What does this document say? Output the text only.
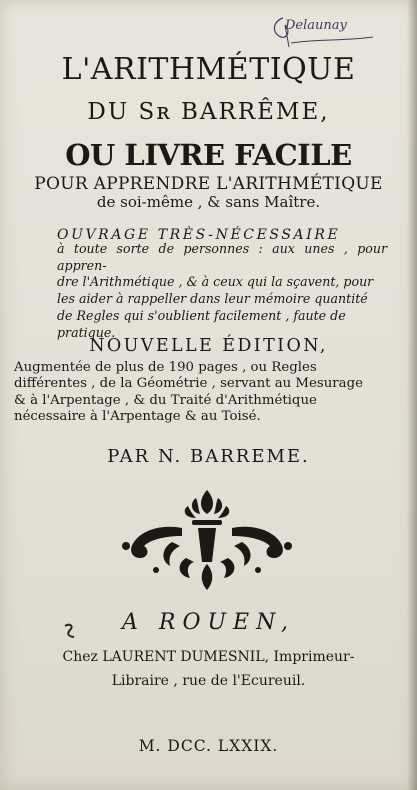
Delaunay
L'ARITHMÉTIQUE
DU Sʀ BARRÊME,
OU LIVRE FACILE
POUR APPRENDRE L'ARITHMÉTIQUE
de soi-même , & sans Maître.
OUVRAGE TRÈS-NÉCESSAIRE
à toute sorte de personnes : aux unes , pour appren-
dre l'Arithmétique , & à ceux qui la sçavent, pour
les aider à rappeller dans leur mémoire quantité
de Regles qui s'oublient facilement , faute de
pratique.
NOUVELLE ÉDITION,
Augmentée de plus de 190 pages , ou Regles
différentes , de la Géométrie , servant au Mesurage
& à l'Arpentage , & du Traité d'Arithmétique
nécessaire à l'Arpentage & au Toisé.
PAR N. BARREME.
A ROUEN,
Chez LAURENT DUMESNIL, Imprimeur-
Libraire , rue de l'Ecureuil.
M. DCC. LXXIX.
